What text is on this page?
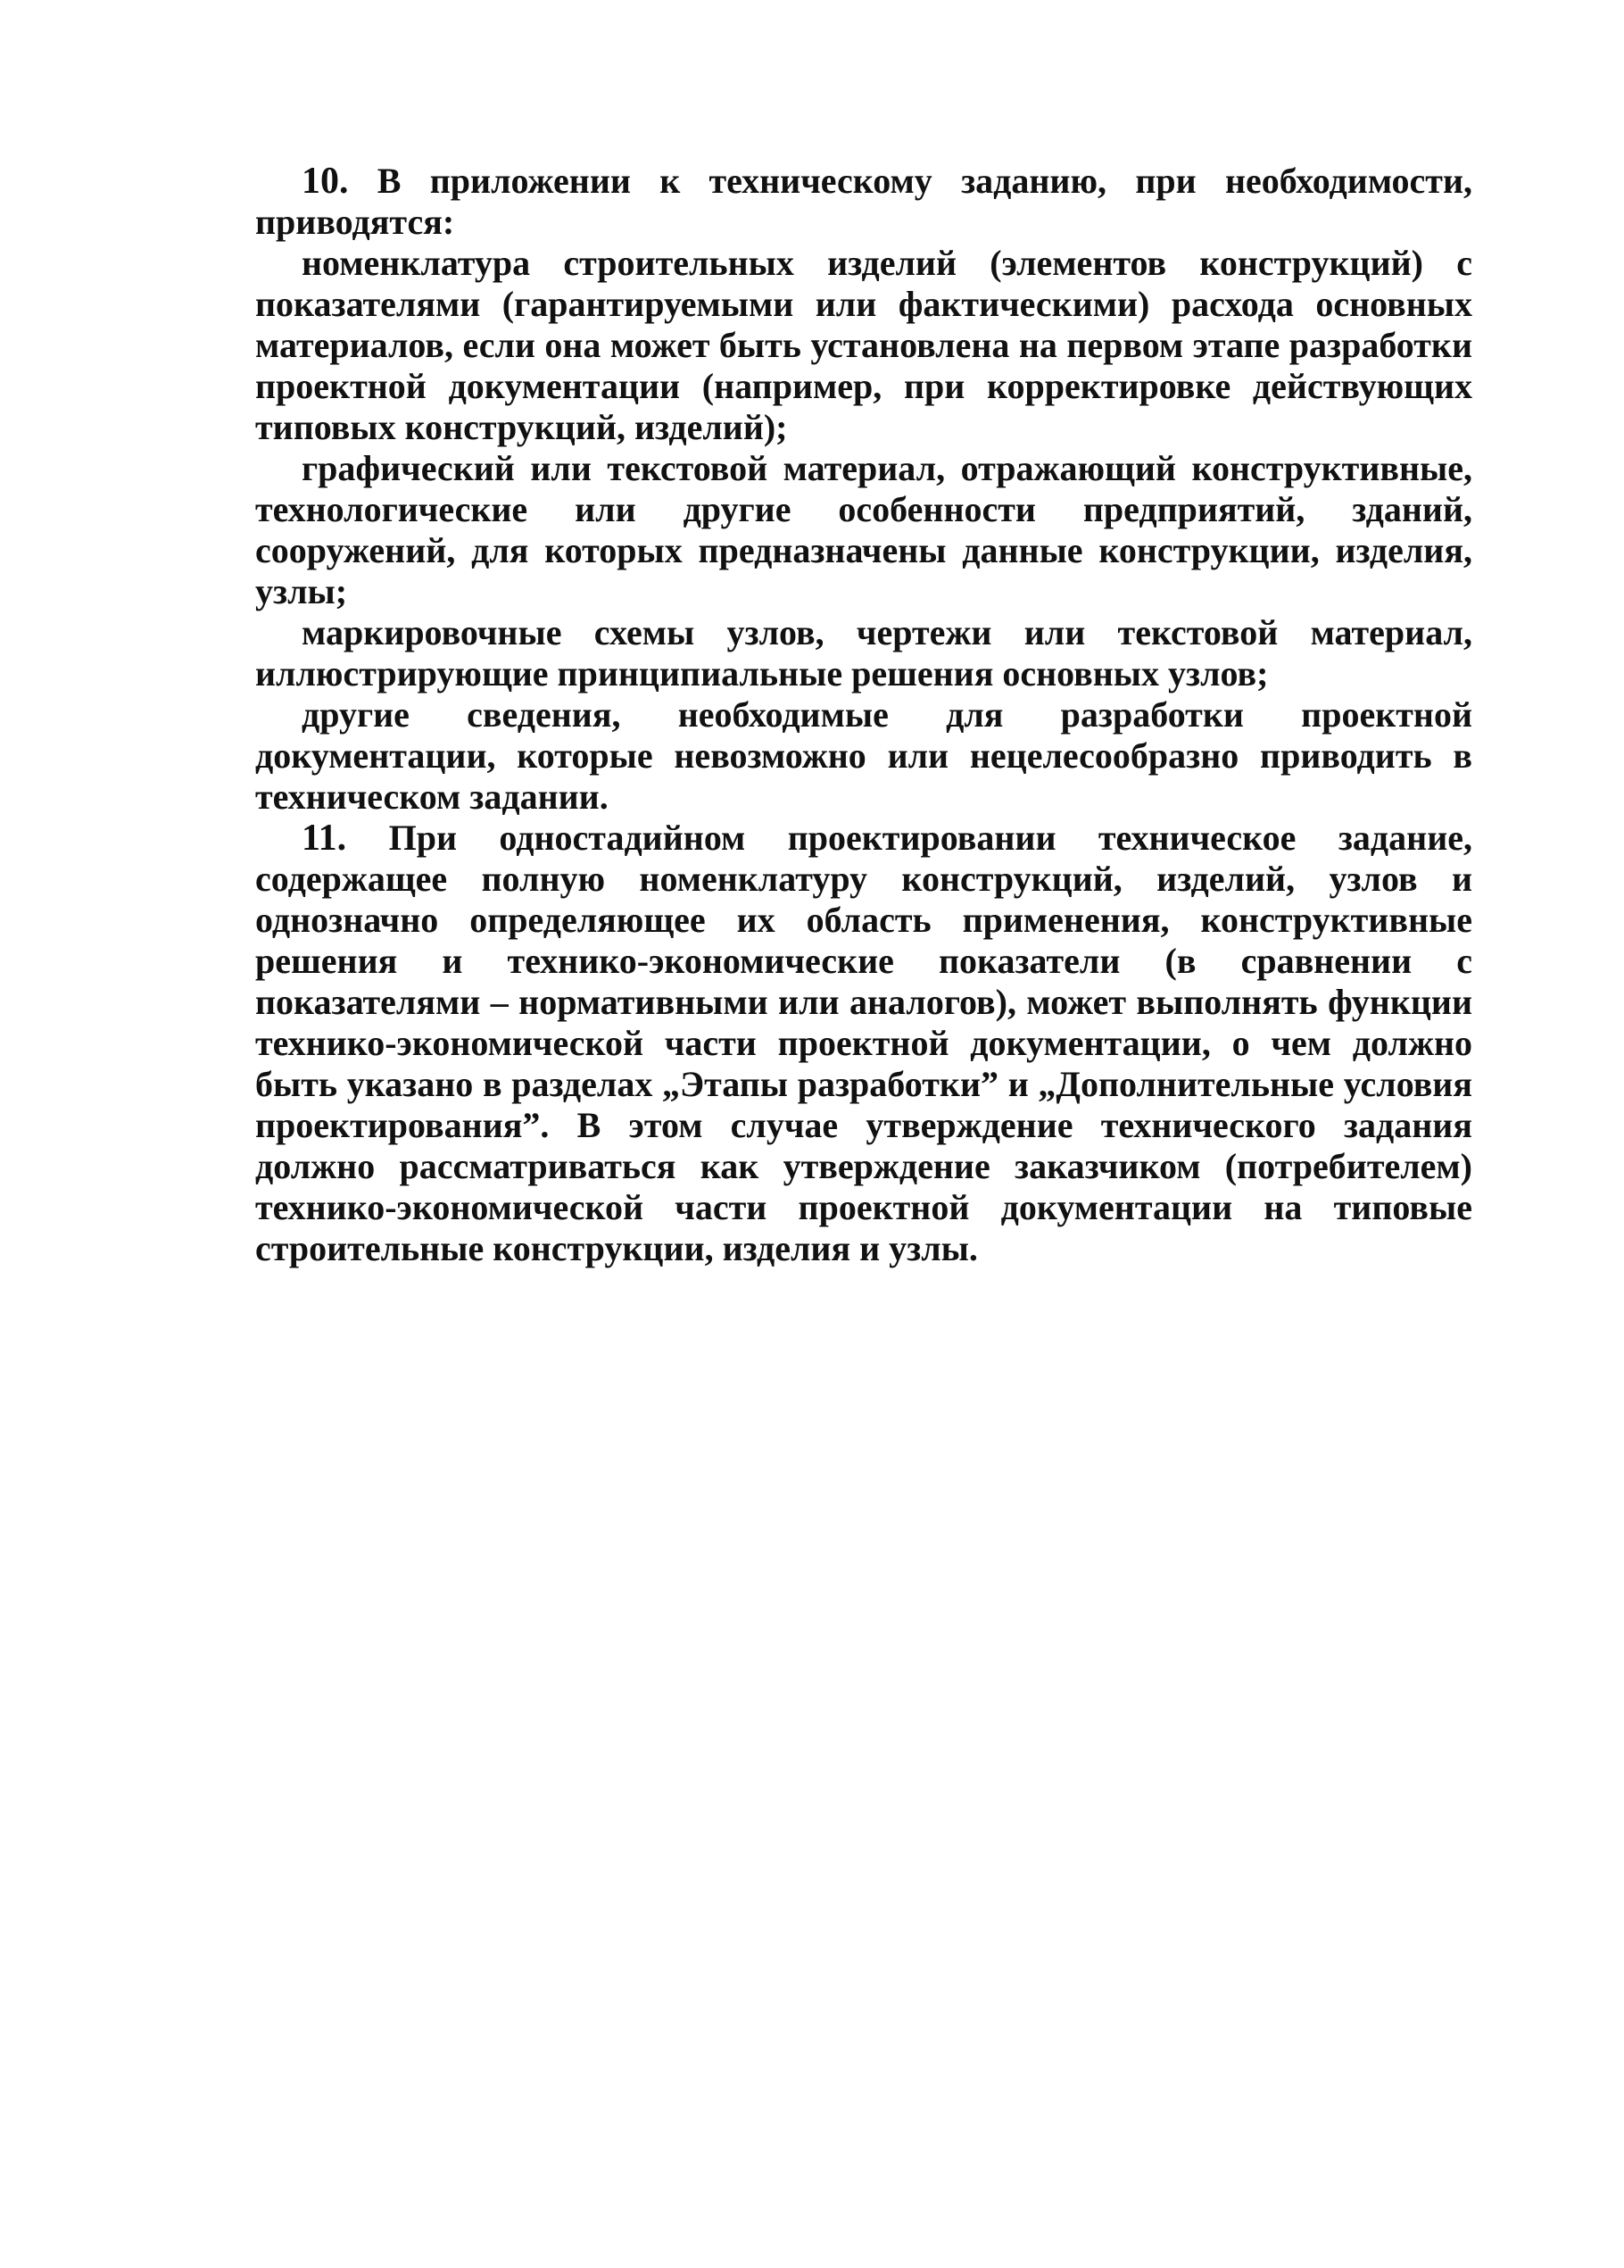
10. В приложении к техническому заданию, при необходимости, приводятся:

номенклатура строительных изделий (элементов конструкций) с показателями (гарантируемыми или фактическими) расхода основных материалов, если она может быть установлена на первом этапе разработки проектной документации (например, при корректировке действующих типовых конструкций, изделий);

графический или текстовой материал, отражающий конструктивные, технологические или другие особенности предприятий, зданий, сооружений, для которых предназначены данные конструкции, изделия, узлы;

маркировочные схемы узлов, чертежи или текстовой материал, иллюстрирующие принципиальные решения основных узлов;

другие сведения, необходимые для разработки проектной документации, которые невозможно или нецелесообразно приводить в техническом задании.

11. При одностадийном проектировании техническое задание, содержащее полную номенклатуру конструкций, изделий, узлов и однозначно определяющее их область применения, конструктивные решения и технико-экономические показатели (в сравнении с показателями – нормативными или аналогов), может выполнять функции технико-экономической части проектной документации, о чем должно быть указано в разделах „Этапы разработки” и „Дополнительные условия проектирования”. В этом случае утверждение технического задания должно рассматриваться как утверждение заказчиком (потребителем) технико-экономической части проектной документации на типовые строительные конструкции, изделия и узлы.
